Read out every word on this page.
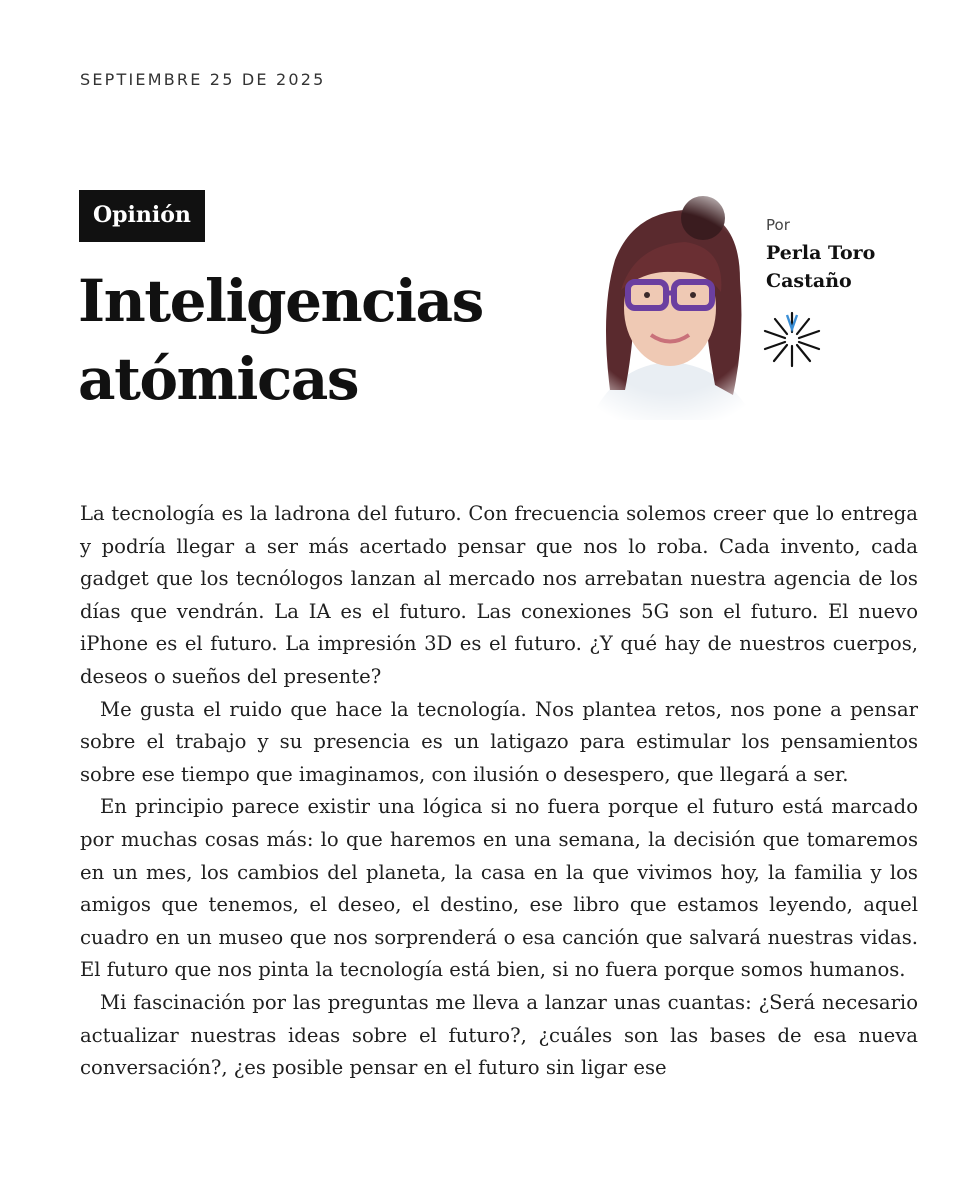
SEPTIEMBRE 25 DE 2025
Opinión
Inteligencias
atómicas
Por
Perla Toro
Castaño

La tecnología es la ladrona del futuro. Con frecuencia solemos creer que lo entrega y podría llegar a ser más acertado pensar que nos lo roba. Cada invento, cada gadget que los tecnólogos lanzan al mercado nos arrebatan nuestra agencia de los días que vendrán. La IA es el futuro. Las conexiones 5G son el futuro. El nuevo iPhone es el futuro. La impresión 3D es el futuro. ¿Y qué hay de nuestros cuerpos, deseos o sueños del presente?

Me gusta el ruido que hace la tecnología. Nos plantea retos, nos pone a pensar sobre el trabajo y su presencia es un latigazo para estimular los pensamientos sobre ese tiempo que imaginamos, con ilusión o desespero, que llegará a ser.

En principio parece existir una lógica si no fuera porque el futuro está marcado por muchas cosas más: lo que haremos en una semana, la decisión que tomaremos en un mes, los cambios del planeta, la casa en la que vivimos hoy, la familia y los amigos que tenemos, el deseo, el destino, ese libro que estamos leyendo, aquel cuadro en un museo que nos sorprenderá o esa canción que salvará nuestras vidas. El futuro que nos pinta la tecnología está bien, si no fuera porque somos humanos.

Mi fascinación por las preguntas me lleva a lanzar unas cuantas: ¿Será necesario actualizar nuestras ideas sobre el futuro?, ¿cuáles son las bases de esa nueva conversación?, ¿es posible pensar en el futuro sin ligar ese
